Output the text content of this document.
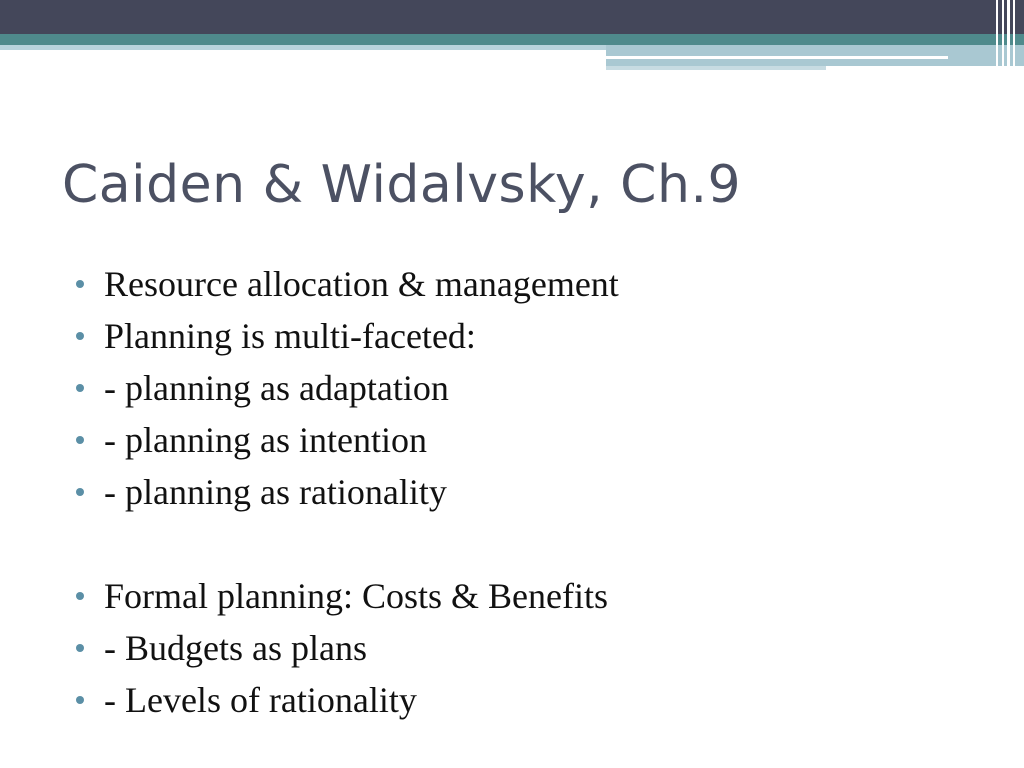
Caiden & Widalvsky, Ch.9
Resource allocation & management
Planning is multi-faceted:
- planning as adaptation
- planning as intention
- planning as rationality
Formal planning: Costs & Benefits
- Budgets as plans
- Levels of rationality
